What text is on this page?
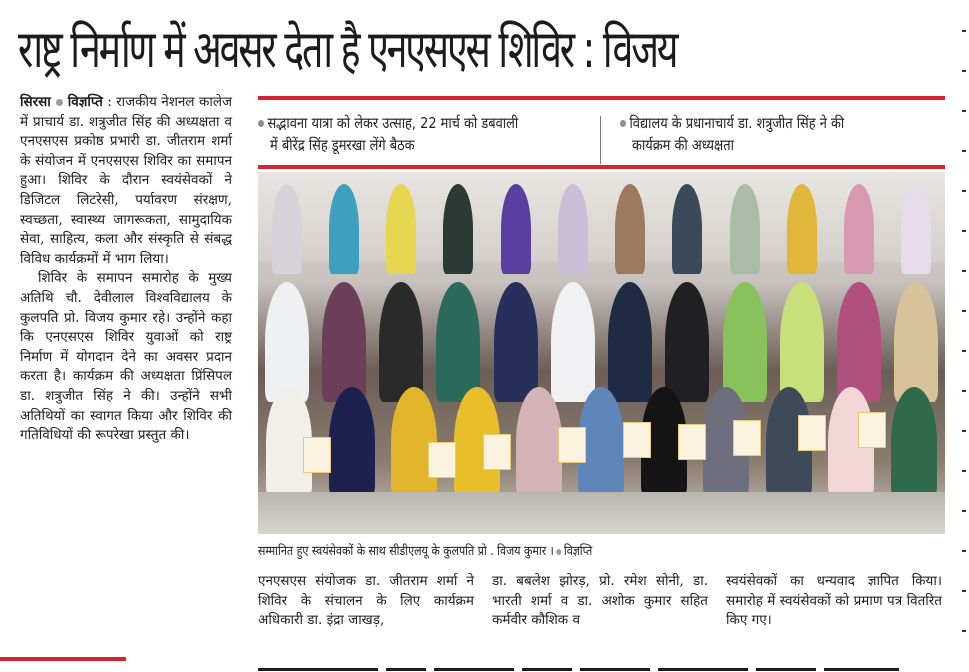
राष्ट्र निर्माण में अवसर देता है एनएसएस शिविर : विजय

सिरसा विज्ञप्ति : राजकीय नेशनल कालेज में प्राचार्य डा. शत्रुजीत सिंह की अध्यक्षता व एनएसएस प्रकोष्ठ प्रभारी डा. जीतराम शर्मा के संयोजन में एनएसएस शिविर का समापन हुआ। शिविर के दौरान स्वयंसेवकों ने डिजिटल लिटरेसी, पर्यावरण संरक्षण, स्वच्छता, स्वास्थ्य जागरूकता, सामुदायिक सेवा, साहित्य, कला और संस्कृति से संबद्ध विविध कार्यक्रमों में भाग लिया।

शिविर के समापन समारोह के मुख्य अतिथि चौ. देवीलाल विश्वविद्यालय के कुलपति प्रो. विजय कुमार रहे। उन्होंने कहा कि एनएसएस शिविर युवाओं को राष्ट्र निर्माण में योगदान देने का अवसर प्रदान करता है। कार्यक्रम की अध्यक्षता प्रिंसिपल डा. शत्रुजीत सिंह ने की। उन्होंने सभी अतिथियों का स्वागत किया और शिविर की गतिविधियों की रूपरेखा प्रस्तुत की।

सद्भावना यात्रा को लेकर उत्साह, 22 मार्च को डबवाली
में बीरेंद्र सिंह डूमरखा लेंगे बैठक
विद्यालय के प्रधानाचार्य डा. शत्रुजीत सिंह ने की
कार्यक्रम की अध्यक्षता
सम्मानित हुए स्वयंसेवकों के साथ सीडीएलयू के कुलपति प्रो . विजय कुमार । विज्ञप्ति

एनएसएस संयोजक डा. जीतराम शर्मा ने शिविर के संचालन के लिए कार्यक्रम अधिकारी डा. इंद्रा जाखड़,

डा. बबलेश झोरड़, प्रो. रमेश सोनी, डा. भारती शर्मा व डा. अशोक कुमार सहित कर्मवीर कौशिक व

स्वयंसेवकों का धन्यवाद ज्ञापित किया। समारोह में स्वयंसेवकों को प्रमाण पत्र वितरित किए गए।
